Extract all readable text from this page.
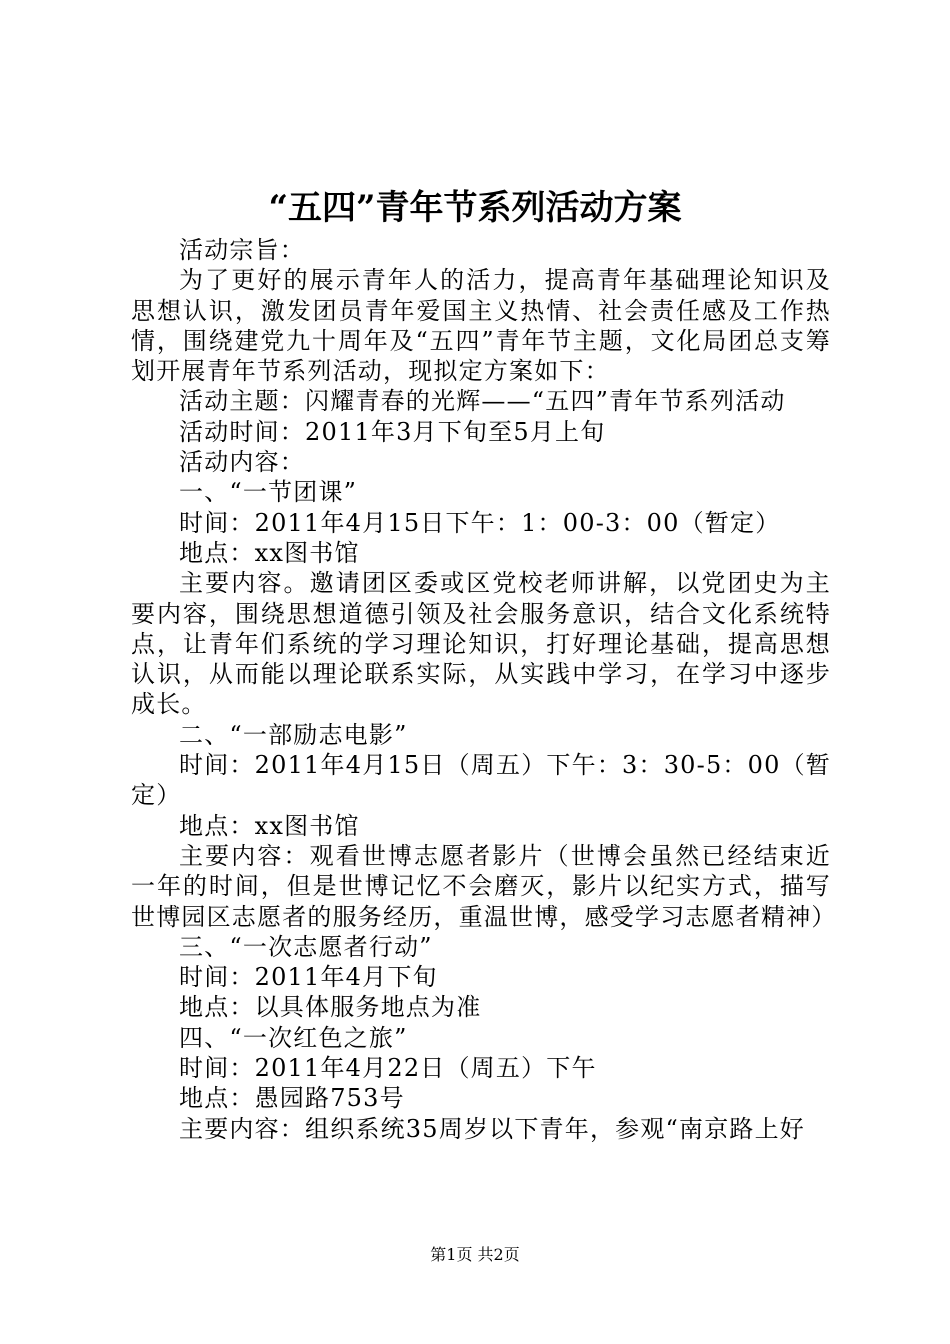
“五四”青年节系列活动方案

活动宗旨：

为了更好的展示青年人的活力，提高青年基础理论知识及思想认识，激发团员青年爱国主义热情、社会责任感及工作热情，围绕建党九十周年及“五四”青年节主题，文化局团总支筹划开展青年节系列活动，现拟定方案如下：

活动主题：闪耀青春的光辉——“五四”青年节系列活动

活动时间：2011年3月下旬至5月上旬

活动内容：

一、“一节团课”

时间：2011年4月15日下午：1：00-3：00（暂定）

地点：xx图书馆

主要内容。邀请团区委或区党校老师讲解，以党团史为主要内容，围绕思想道德引领及社会服务意识，结合文化系统特点，让青年们系统的学习理论知识，打好理论基础，提高思想认识，从而能以理论联系实际，从实践中学习，在学习中逐步成长。

二、“一部励志电影”

时间：2011年4月15日（周五）下午：3：30-5：00（暂定）

地点：xx图书馆

主要内容：观看世博志愿者影片（世博会虽然已经结束近一年的时间，但是世博记忆不会磨灭，影片以纪实方式，描写世博园区志愿者的服务经历，重温世博，感受学习志愿者精神）

三、“一次志愿者行动”

时间：2011年4月下旬

地点：以具体服务地点为准

四、“一次红色之旅”

时间：2011年4月22日（周五）下午

地点：愚园路753号

主要内容：组织系统35周岁以下青年，参观“南京路上好

第1页 共2页
